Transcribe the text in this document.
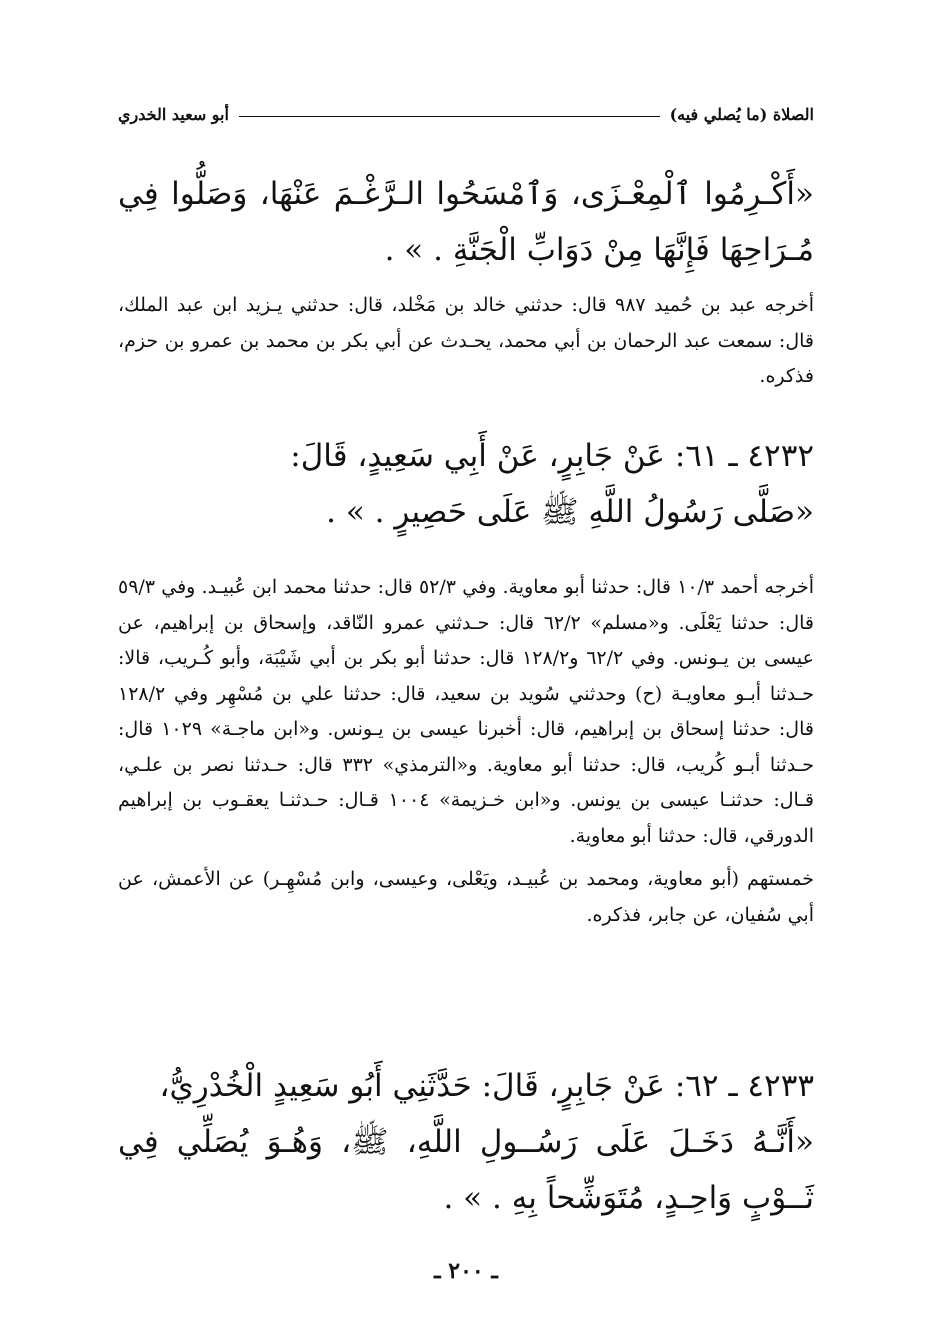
الصلاة (ما يُصلي فيه)
أبو سعيد الخدري

«أَكْـرِمُوا ٱلْمِعْـزَى، وَٱمْسَحُوا الـرَّغْـمَ عَنْهَا، وَصَلُّوا فِي مُـرَاحِهَا فَإِنَّهَا مِنْ دَوَابِّ الْجَنَّةِ . » .

أخرجه عبد بن حُميد ٩٨٧ قال: حدثني خالد بن مَخْلد، قال: حدثني يـزيد ابن عبد الملك، قال: سمعت عبد الرحمان بن أبي محمد، يحـدث عن أبي بكر بن محمد بن عمرو بن حزم، فذكره.

٤٢٣٢ ـ ٦١: عَنْ جَابِرٍ، عَنْ أَبِي سَعِيدٍ، قَالَ:

«صَلَّى رَسُولُ اللَّهِ ﷺ عَلَى حَصِيرٍ . » .

أخرجه أحمد ١٠/٣ قال: حدثنا أبو معاوية. وفي ٥٢/٣ قال: حدثنا محمد ابن عُبيـد. وفي ٥٩/٣ قال: حدثنا يَعْلَى. و«مسلم» ٦٢/٢ قال: حـدثني عمرو النّاقد، وإسحاق بن إبراهيم، عن عيسى بن يـونس. وفي ٦٢/٢ و١٢٨/٢ قال: حدثنا أبو بكر بن أبي شَيْبَة، وأبو كُـريب، قالا: حـدثنا أبـو معاويـة (ح) وحدثني سُويد بن سعيد، قال: حدثنا علي بن مُسْهِر وفي ١٢٨/٢ قال: حدثنا إسحاق بن إبراهيم، قال: أخبرنا عيسى بن يـونس. و«ابن ماجـة» ١٠٢٩ قال: حـدثنا أبـو كُريب، قال: حدثنا أبو معاوية. و«الترمذي» ٣٣٢ قال: حـدثنا نصر بن علـي، قـال: حدثنـا عيسى بن يونس. و«ابن خـزيمة» ١٠٠٤ قـال: حـدثنـا يعقـوب بن إبراهيم الدورقي، قال: حدثنا أبو معاوية.

خمستهم (أبو معاوية، ومحمد بن عُبيـد، ويَعْلى، وعيسى، وابن مُسْهِـر) عن الأعمش، عن أبي سُفيان، عن جابر، فذكره.

٤٢٣٣ ـ ٦٢: عَنْ جَابِرٍ، قَالَ: حَدَّثَنِي أَبُو سَعِيدٍ الْخُدْرِيُّ،

«أَنَّـهُ دَخَـلَ عَلَى رَسُــولِ اللَّهِ، ﷺ، وَهُـوَ يُصَلِّي فِي ثَــوْبٍ وَاحِـدٍ، مُتَوَشِّحاً بِهِ . » .

ـ ٢٠٠ ـ
